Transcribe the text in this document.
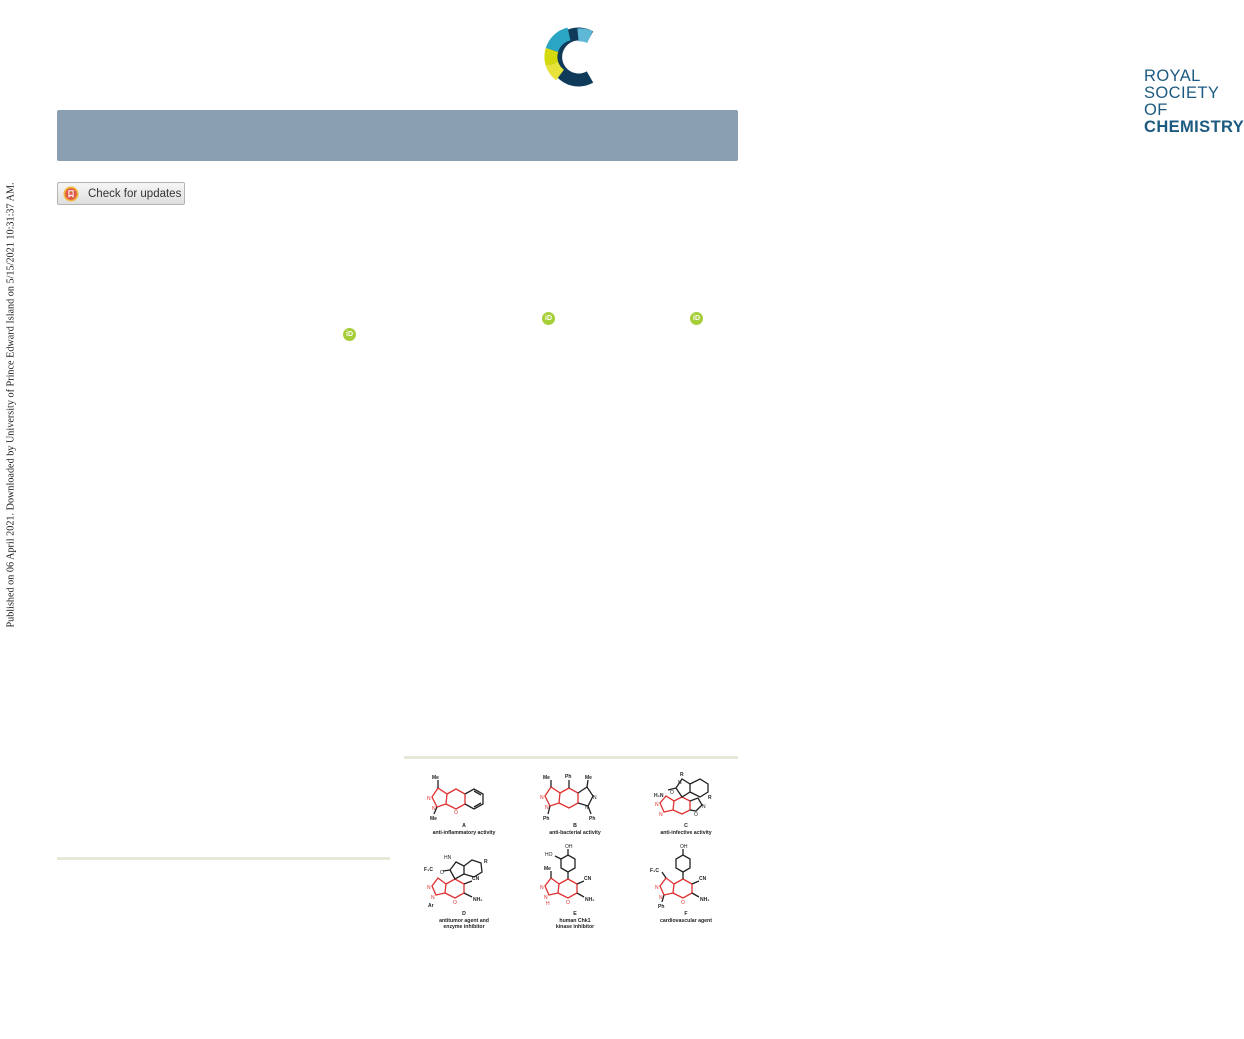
Published on 06 April 2021. Downloaded by University of Prince Edward Island on 5/15/2021 10:31:37 AM.
ROYAL SOCIETY
OF CHEMISTRY
Check for updates
iD	iD
iD
Me
N
N
Me
O
A
anti-inflammatory activity
Me	Ph	Me
N
N
Ph
N
N
Ph
B
anti-bacterial activity
R
N
H₂N O
R
N
N
N
O
C
anti-infective activity
HN
F₃C O
R
CN
N
N
Ar	O	NH₂
D
antitumor agent and
enzyme inhibitor
OH
HO
Me
CN
N
N
H	O	NH₂
E
human Chk1
kinase inhibitor
OH
F₃C
CN
N
N
Ph
O	NH₂
F
cardiovascular agent
